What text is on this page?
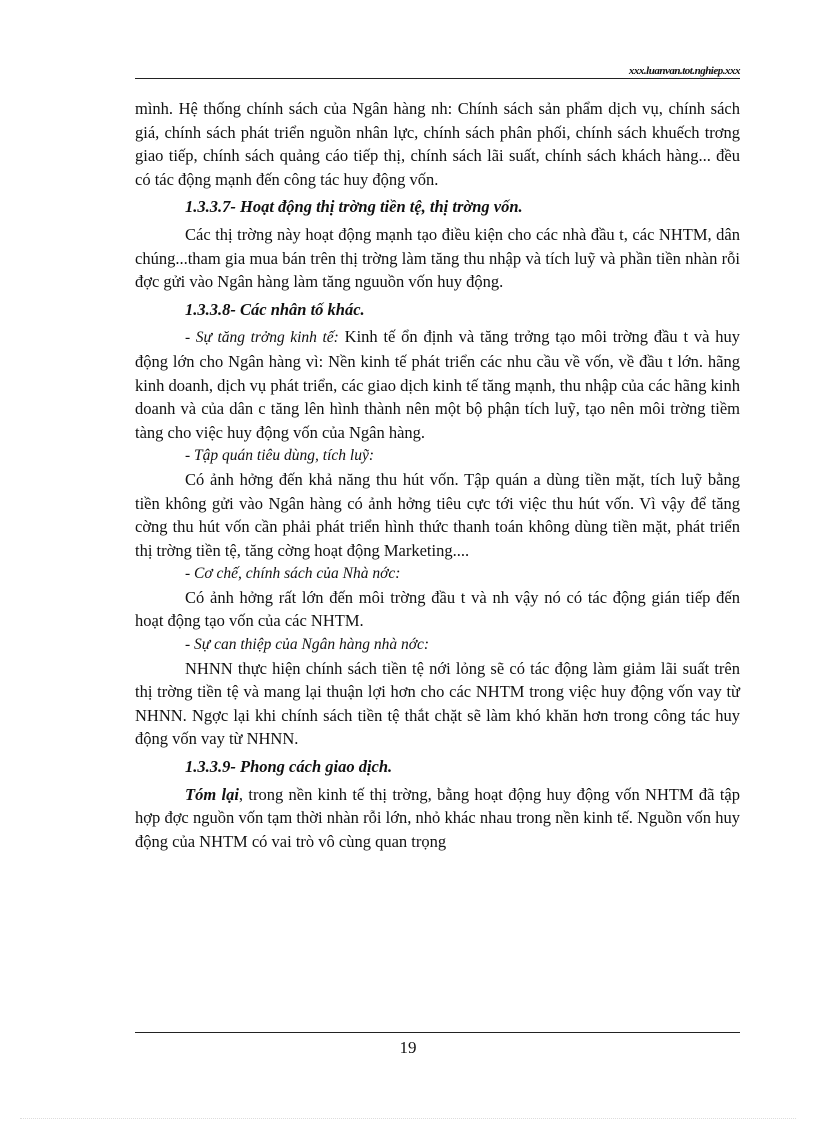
xxx.luanvan.tot.nghiep.xxx

mình. Hệ thống chính sách của Ngân hàng nh: Chính sách sản phẩm dịch vụ, chính sách giá, chính sách phát triển nguồn nhân lực, chính sách phân phối, chính sách khuếch trơng giao tiếp, chính sách quảng cáo tiếp thị, chính sách lãi suất, chính sách khách hàng... đều có tác động mạnh đến công tác huy động vốn.

1.3.3.7- Hoạt động thị trờng tiền tệ, thị trờng vốn.

Các thị trờng này hoạt động mạnh tạo điều kiện cho các nhà đầu t, các NHTM, dân chúng...tham gia mua bán trên thị trờng làm tăng thu nhập và tích luỹ và phần tiền nhàn rỗi đợc gửi vào Ngân hàng làm tăng nguuồn vốn huy động.

1.3.3.8- Các nhân tố khác.

- Sự tăng trởng kinh tế: Kinh tế ổn định và tăng trởng tạo môi trờng đầu t và huy động lớn cho Ngân hàng vì: Nền kinh tế phát triển các nhu cầu về vốn, về đầu t lớn. hãng kinh doanh, dịch vụ phát triển, các giao dịch kinh tế tăng mạnh, thu nhập của các hãng kinh doanh và của dân c tăng lên hình thành nên một bộ phận tích luỹ, tạo nên môi trờng tiềm tàng cho việc huy động vốn của Ngân hàng.

- Tập quán tiêu dùng, tích luỹ:

Có ảnh hởng đến khả năng thu hút vốn. Tập quán a dùng tiền mặt, tích luỹ bằng tiền không gửi vào Ngân hàng có ảnh hởng tiêu cực tới việc thu hút vốn. Vì vậy để tăng cờng thu hút vốn cần phải phát triển hình thức thanh toán không dùng tiền mặt, phát triển thị trờng tiền tệ, tăng cờng hoạt động Marketing....

- Cơ chế, chính sách của Nhà nớc:

Có ảnh hởng rất lớn đến môi trờng đầu t và nh vậy nó có tác động gián tiếp đến hoạt động tạo vốn của các NHTM.

- Sự can thiệp của Ngân hàng nhà nớc:

NHNN thực hiện chính sách tiền tệ nới lỏng sẽ có tác động làm giảm lãi suất trên thị trờng tiền tệ và mang lại thuận lợi hơn cho các NHTM trong việc huy động vốn vay từ NHNN. Ngợc lại khi chính sách tiền tệ thắt chặt sẽ làm khó khăn hơn trong công tác huy động vốn vay từ NHNN.

1.3.3.9- Phong cách giao dịch.

Tóm lại, trong nền kinh tế thị trờng, bằng hoạt động huy động vốn NHTM đã tập hợp đợc nguồn vốn tạm thời nhàn rỗi lớn, nhỏ khác nhau trong nền kinh tế. Nguồn vốn huy động của NHTM có vai trò vô cùng quan trọng

19
